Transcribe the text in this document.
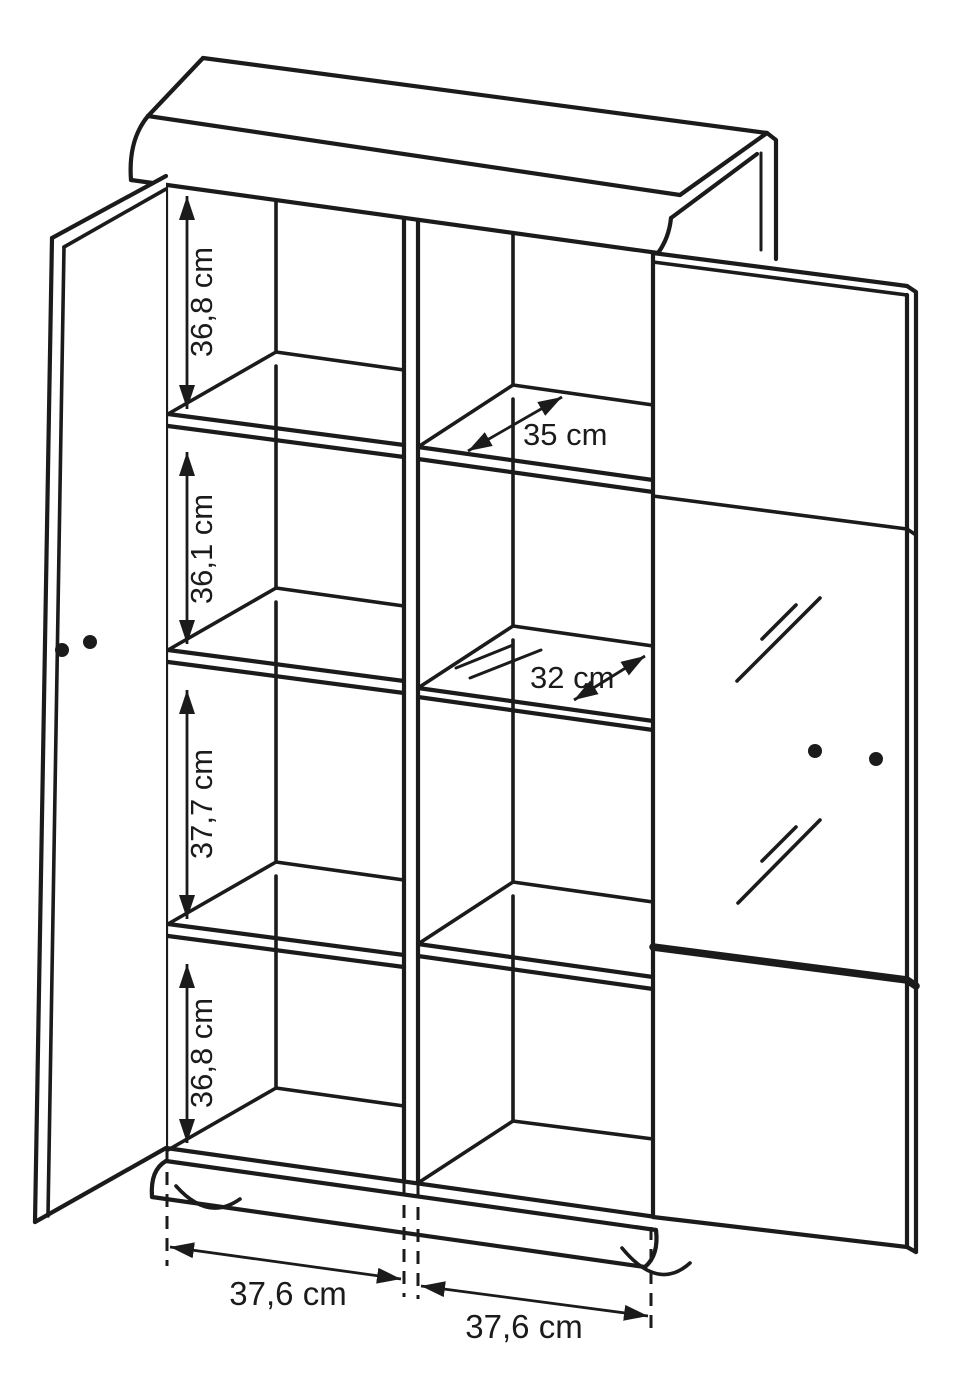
36,8 cm
36,1 cm
37,7 cm
36,8 cm
35 cm
32 cm
37,6 cm
37,6 cm
